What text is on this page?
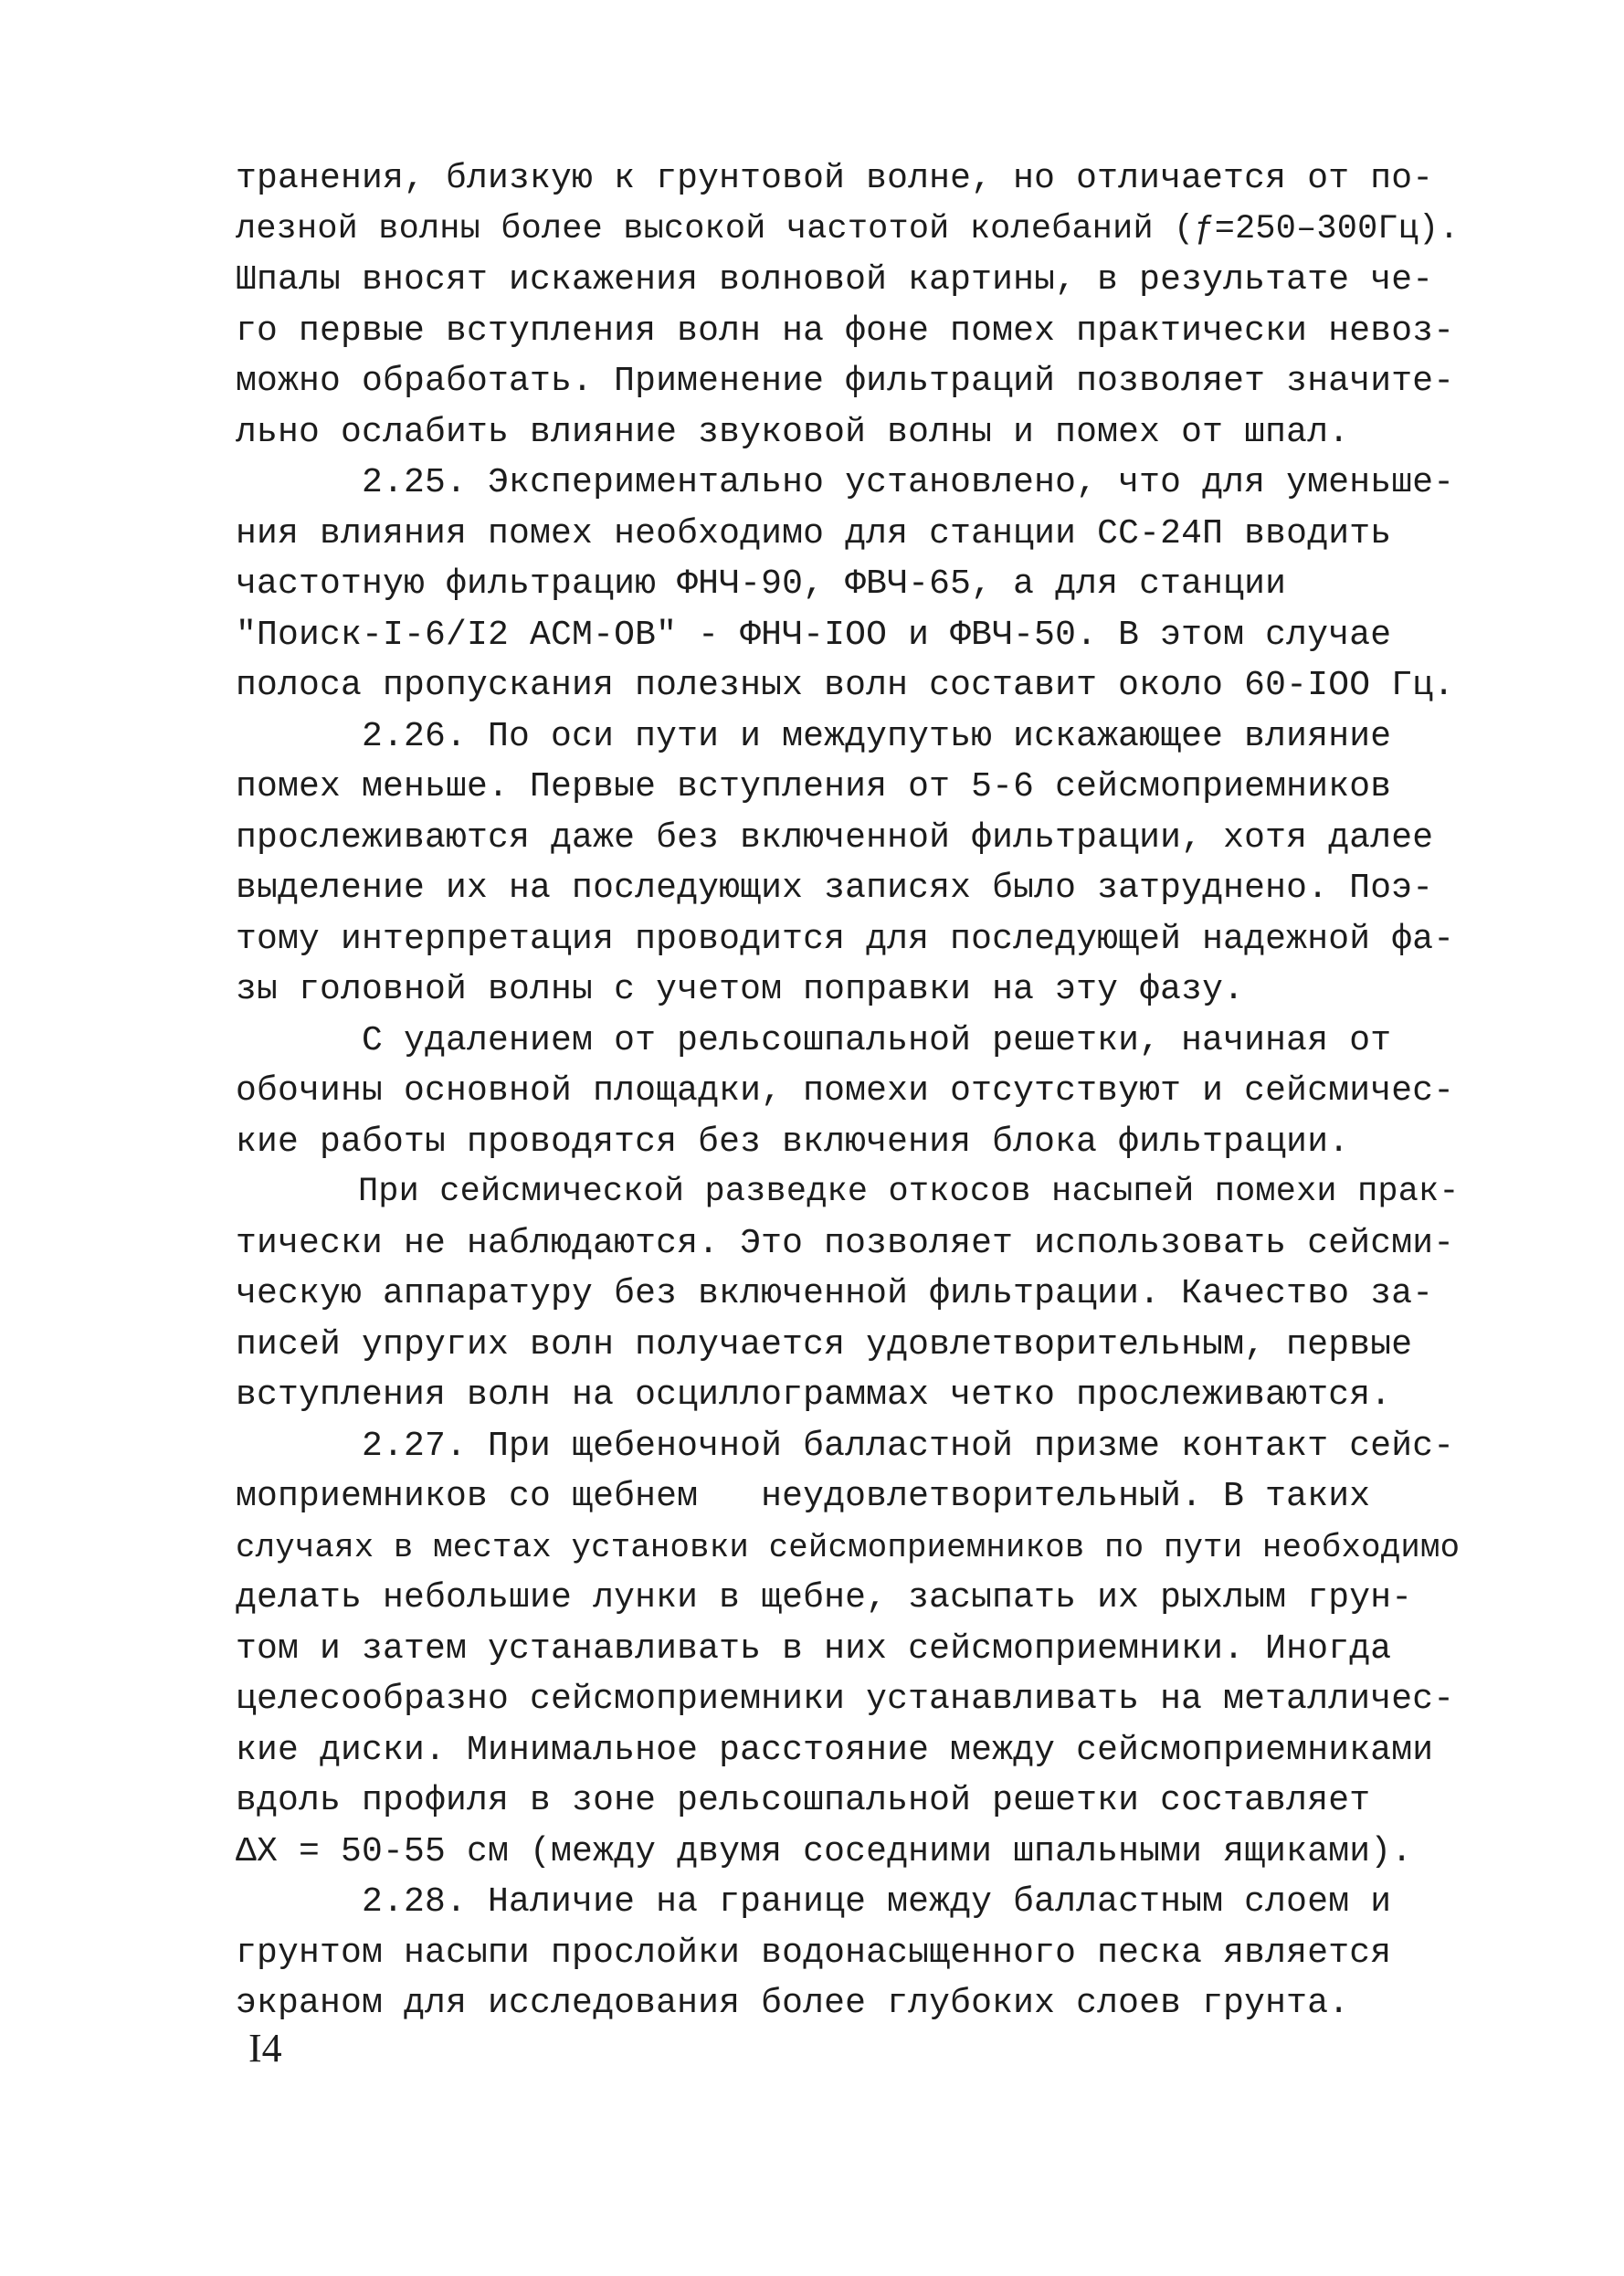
транения, близкую к грунтовой волне, но отличается от по-
лезной волны более высокой частотой колебаний (ƒ=250–300Гц).
Шпалы вносят искажения волновой картины, в результате че-
го первые вступления волн на фоне помех практически невоз-
можно обработать. Применение фильтраций позволяет значите-
льно ослабить влияние звуковой волны и помех от шпал.
2.25. Экспериментально установлено, что для уменьше-
ния влияния помех необходимо для станции СС-24П вводить
частотную фильтрацию ФНЧ-90, ФВЧ-65, а для станции
"Поиск-I-6/I2 АСМ-ОВ" - ФНЧ-IOO и ФВЧ-50. В этом случае
полоса пропускания полезных волн составит около 60-IOO Гц.
2.26. По оси пути и междупутью искажающее влияние
помех меньше. Первые вступления от 5-6 сейсмоприемников
прослеживаются даже без включенной фильтрации, хотя далее
выделение их на последующих записях было затруднено. Поэ-
тому интерпретация проводится для последующей надежной фа-
зы головной волны с учетом поправки на эту фазу.
С удалением от рельсошпальной решетки, начиная от
обочины основной площадки, помехи отсутствуют и сейсмичес-
кие работы проводятся без включения блока фильтрации.
При сейсмической разведке откосов насыпей помехи прак-
тически не наблюдаются. Это позволяет использовать сейсми-
ческую аппаратуру без включенной фильтрации. Качество за-
писей упругих волн получается удовлетворительным, первые
вступления волн на осциллограммах четко прослеживаются.
2.27. При щебеночной балластной призме контакт сейс-
моприемников со щебнем   неудовлетворительный. В таких
случаях в местах установки сейсмоприемников по пути необходимо
делать небольшие лунки в щебне, засыпать их рыхлым грун-
том и затем устанавливать в них сейсмоприемники. Иногда
целесообразно сейсмоприемники устанавливать на металличес-
кие диски. Минимальное расстояние между сейсмоприемниками
вдоль профиля в зоне рельсошпальной решетки составляет
ΔX = 50-55 см (между двумя соседними шпальными ящиками).
2.28. Наличие на границе между балластным слоем и
грунтом насыпи прослойки водонасыщенного песка является
экраном для исследования более глубоких слоев грунта.
I4
